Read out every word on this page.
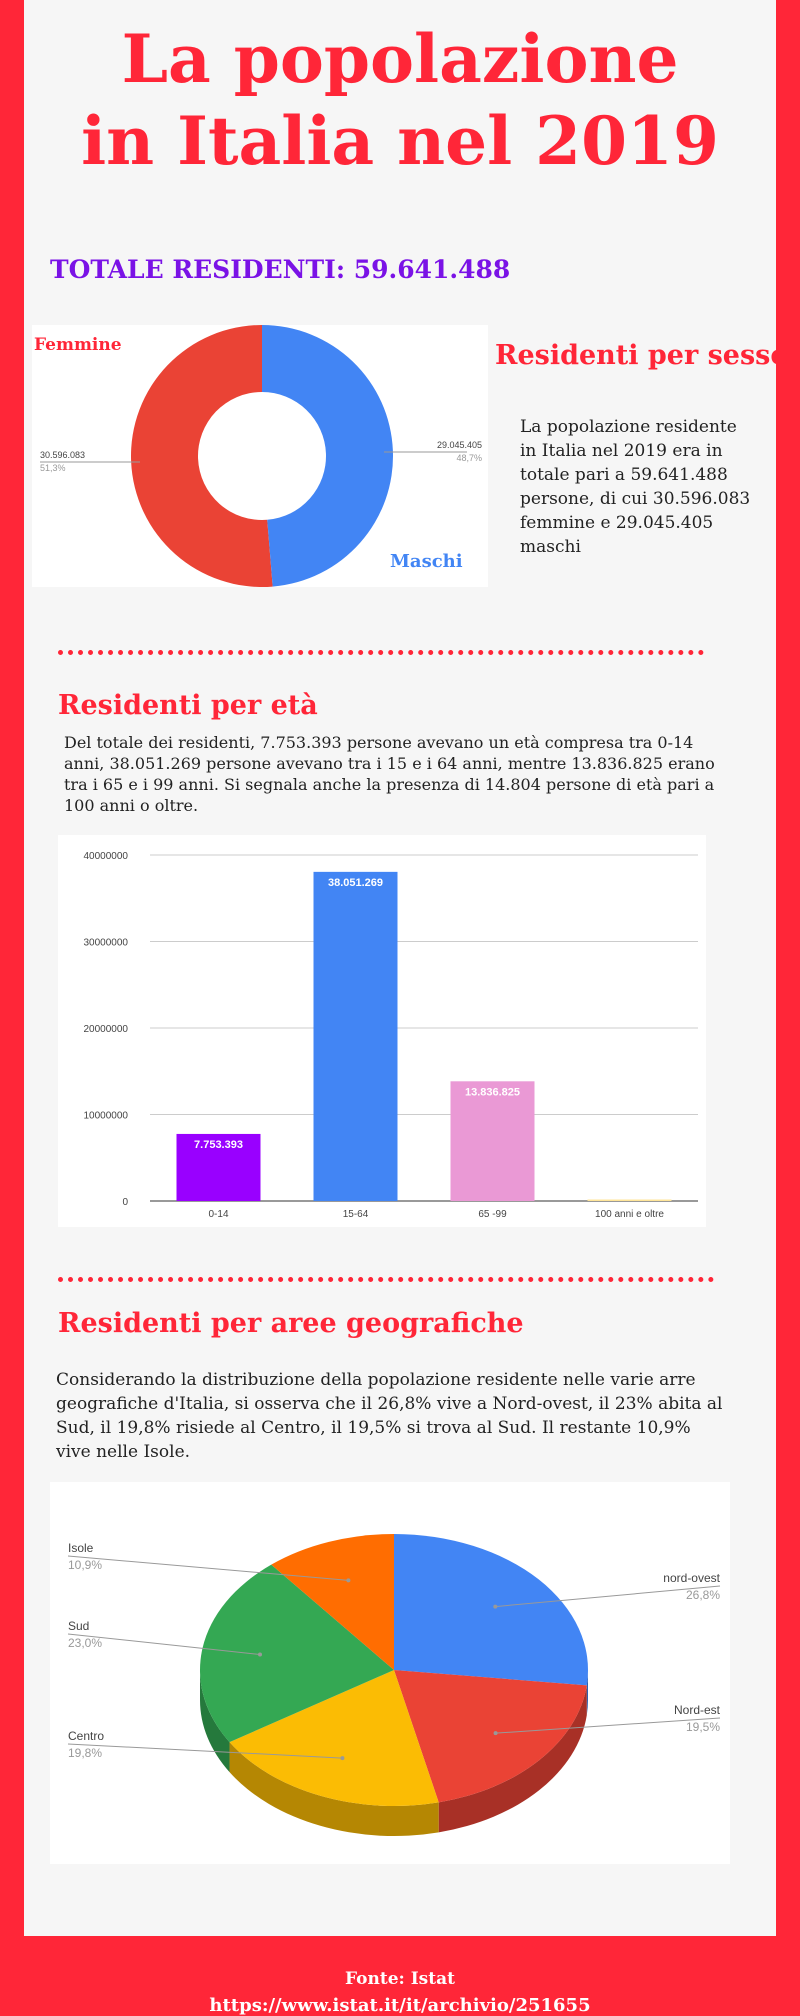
La popolazione
in Italia nel 2019
TOTALE RESIDENTI: 59.641.488
Femmine
Maschi
30.596.083
51,3%
29.045.405
48,7%
Residenti per sesso

La popolazione residente in Italia nel 2019 era in totale pari a 59.641.488 persone, di cui 30.596.083 femmine e 29.045.405 maschi

Residenti per età

Del totale dei residenti, 7.753.393 persone avevano un età compresa tra 0-14 anni, 38.051.269 persone avevano tra i 15 e i 64 anni, mentre 13.836.825 erano tra i 65 e i 99 anni. Si segnala anche la presenza di 14.804 persone di età pari a 100 anni o oltre.

0
10000000
20000000
30000000
40000000
7.753.393
0-14
38.051.269
15-64
13.836.825
65 -99	100 anni e oltre
Residenti per aree geografiche

Considerando la distribuzione della popolazione residente nelle varie arre geografiche d'Italia, si osserva che il 26,8% vive a Nord-ovest, il 23% abita al Sud, il 19,8% risiede al Centro, il 19,5% si trova al Sud. Il restante 10,9% vive nelle Isole.

nord-ovest
26,8%
Nord-est
19,5%
Centro
19,8%
Sud
23,0%
Isole
10,9%
Fonte: Istat
https://www.istat.it/it/archivio/251655
